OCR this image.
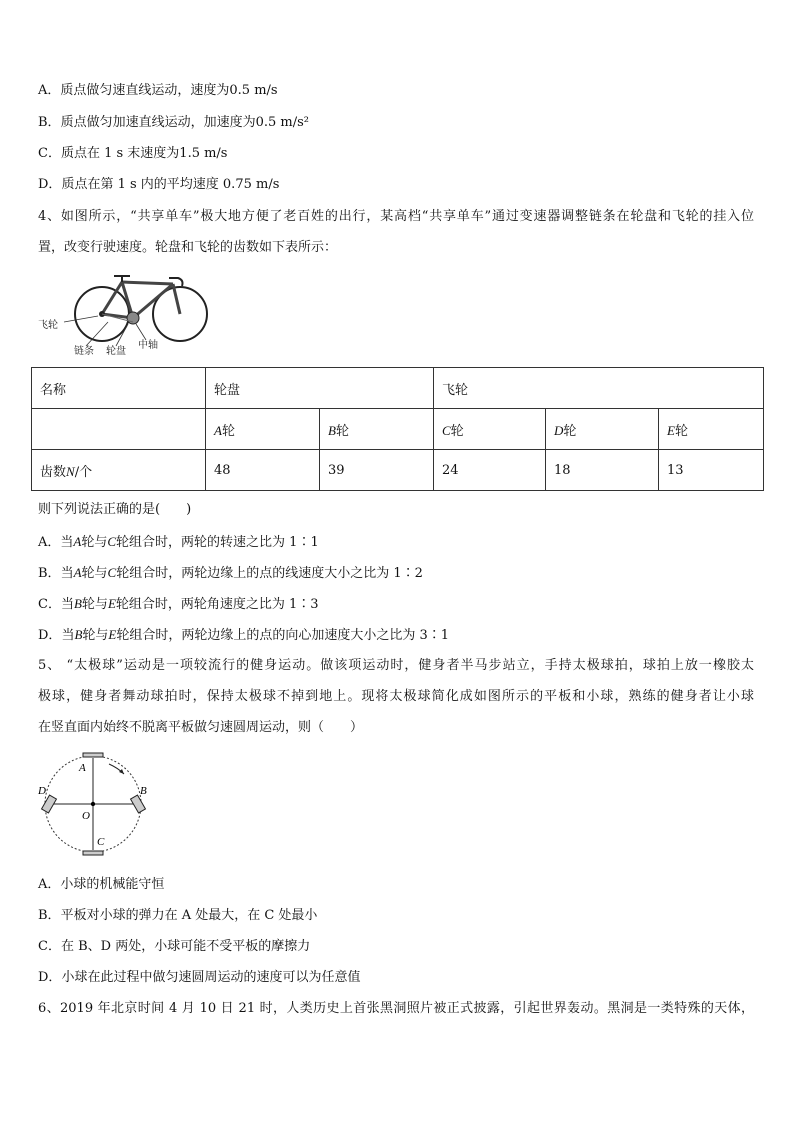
A．质点做匀速直线运动，速度为0.5 m/s
B．质点做匀加速直线运动，加速度为0.5 m/s²
C．质点在 1 s 末速度为1.5 m/s
D．质点在第 1 s 内的平均速度 0.75 m/s
4、如图所示，“共享单车”极大地方便了老百姓的出行，某高档“共享单车”通过变速器调整链条在轮盘和飞轮的挂入位
置，改变行驶速度。轮盘和飞轮的齿数如下表所示：
飞轮
链条 轮盘
中轴
名称	轮盘		飞轮		
	A轮	B轮	C轮	D轮	E轮
齿数N/个	48	39	24	18	13
则下列说法正确的是(　　)
A．当A轮与C轮组合时，两轮的转速之比为 1∶1
B．当A轮与C轮组合时，两轮边缘上的点的线速度大小之比为 1∶2
C．当B轮与E轮组合时，两轮角速度之比为 1∶3
D．当B轮与E轮组合时，两轮边缘上的点的向心加速度大小之比为 3∶1
5、 “太极球”运动是一项较流行的健身运动。做该项运动时，健身者半马步站立，手持太极球拍，球拍上放一橡胶太
极球，健身者舞动球拍时，保持太极球不掉到地上。现将太极球简化成如图所示的平板和小球，熟练的健身者让小球
在竖直面内始终不脱离平板做匀速圆周运动，则（　　）
A
B
C
D
O
A．小球的机械能守恒
B．平板对小球的弹力在 A 处最大，在 C 处最小
C．在 B、D 两处，小球可能不受平板的摩擦力
D．小球在此过程中做匀速圆周运动的速度可以为任意值
6、2019 年北京时间 4 月 10 日 21 时，人类历史上首张黑洞照片被正式披露，引起世界轰动。黑洞是一类特殊的天体，
